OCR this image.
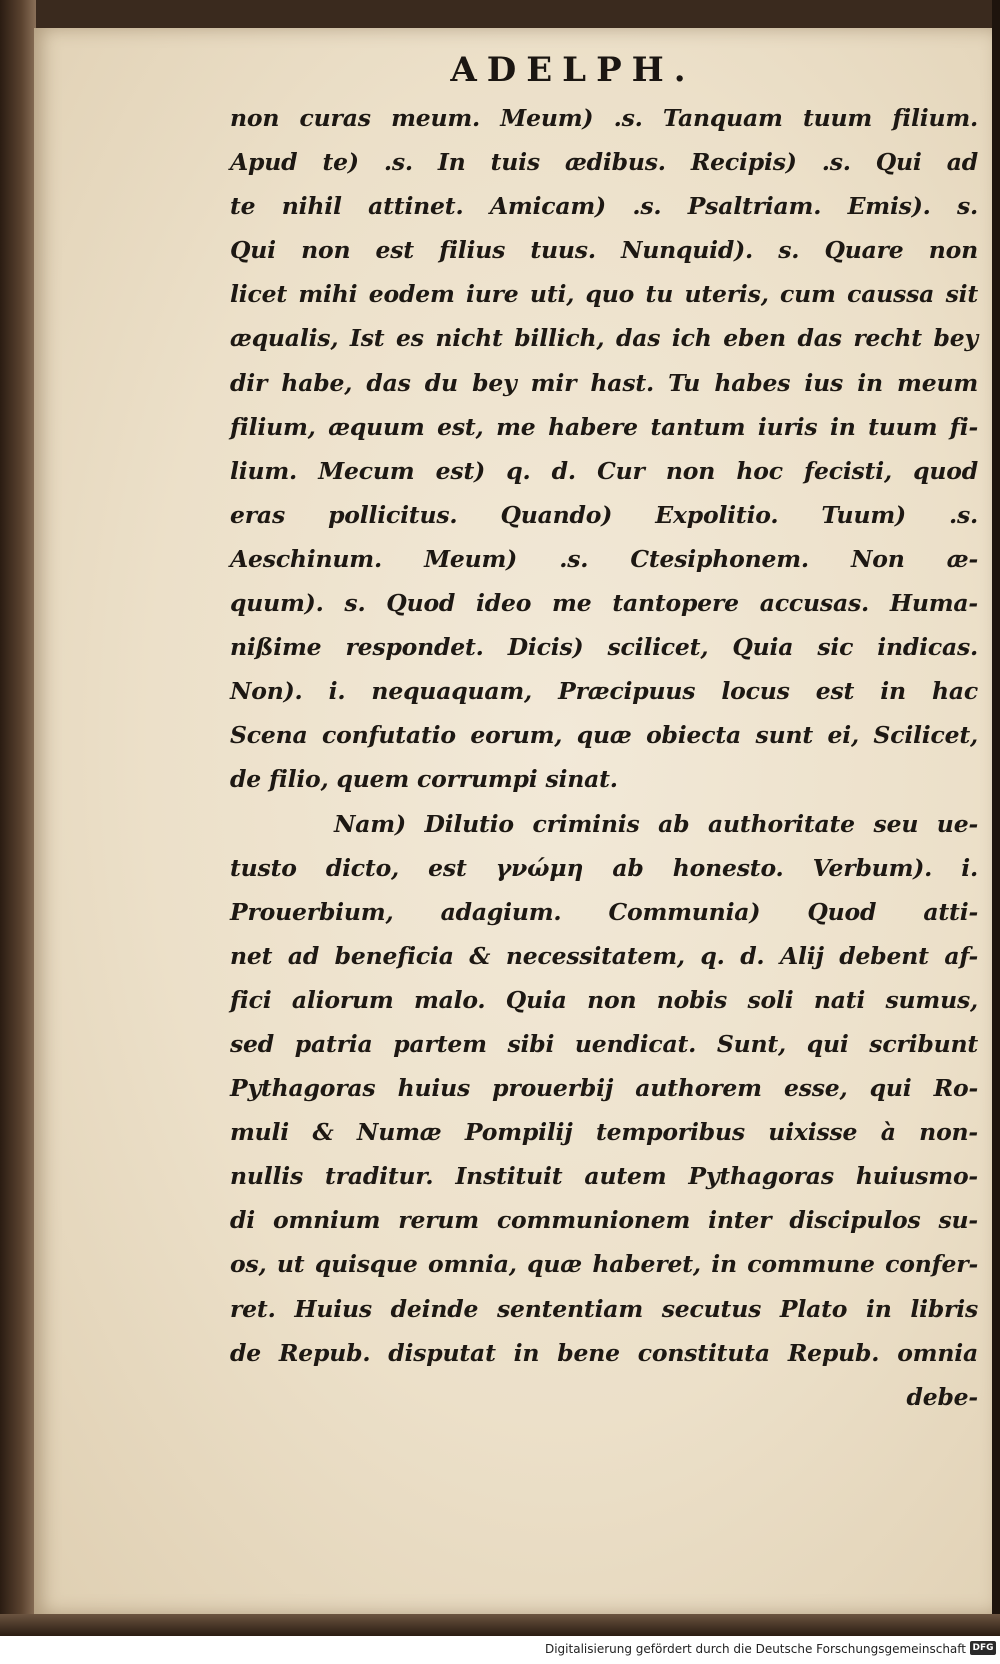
ADELPH.
non curas meum. Meum) .s. Tanquam tuum filium.
Apud te) .s. In tuis ædibus. Recipis) .s. Qui ad
te nihil attinet. Amicam) .s. Psaltriam. Emis). s.
Qui non est filius tuus. Nunquid). s. Quare non
licet mihi eodem iure uti, quo tu uteris, cum caussa sit
æqualis, Ist es nicht billich, das ich eben das recht bey
dir habe, das du bey mir hast. Tu habes ius in meum
filium, æquum est, me habere tantum iuris in tuum fi-
lium. Mecum est) q. d. Cur non hoc fecisti, quod
eras pollicitus. Quando) Expolitio. Tuum) .s.
Aeschinum. Meum) .s. Ctesiphonem. Non æ-
quum). s. Quod ideo me tantopere accusas. Huma-
nißime respondet. Dicis) scilicet, Quia sic indicas.
Non). i. nequaquam, Præcipuus locus est in hac
Scena confutatio eorum, quæ obiecta sunt ei, Scilicet,
de filio, quem corrumpi sinat.
Nam) Dilutio criminis ab authoritate seu ue-
tusto dicto, est γνώμη ab honesto. Verbum). i.
Prouerbium, adagium. Communia) Quod atti-
net ad beneficia & necessitatem, q. d. Alij debent af-
fici aliorum malo. Quia non nobis soli nati sumus,
sed patria partem sibi uendicat. Sunt, qui scribunt
Pythagoras huius prouerbij authorem esse, qui Ro-
muli & Numæ Pompilij temporibus uixisse à non-
nullis traditur. Instituit autem Pythagoras huiusmo-
di omnium rerum communionem inter discipulos su-
os, ut quisque omnia, quæ haberet, in commune confer-
ret. Huius deinde sententiam secutus Plato in libris
de Repub. disputat in bene constituta Repub. omnia
debe-
Digitalisierung gefördert durch die Deutsche Forschungsgemeinschaft DFG
